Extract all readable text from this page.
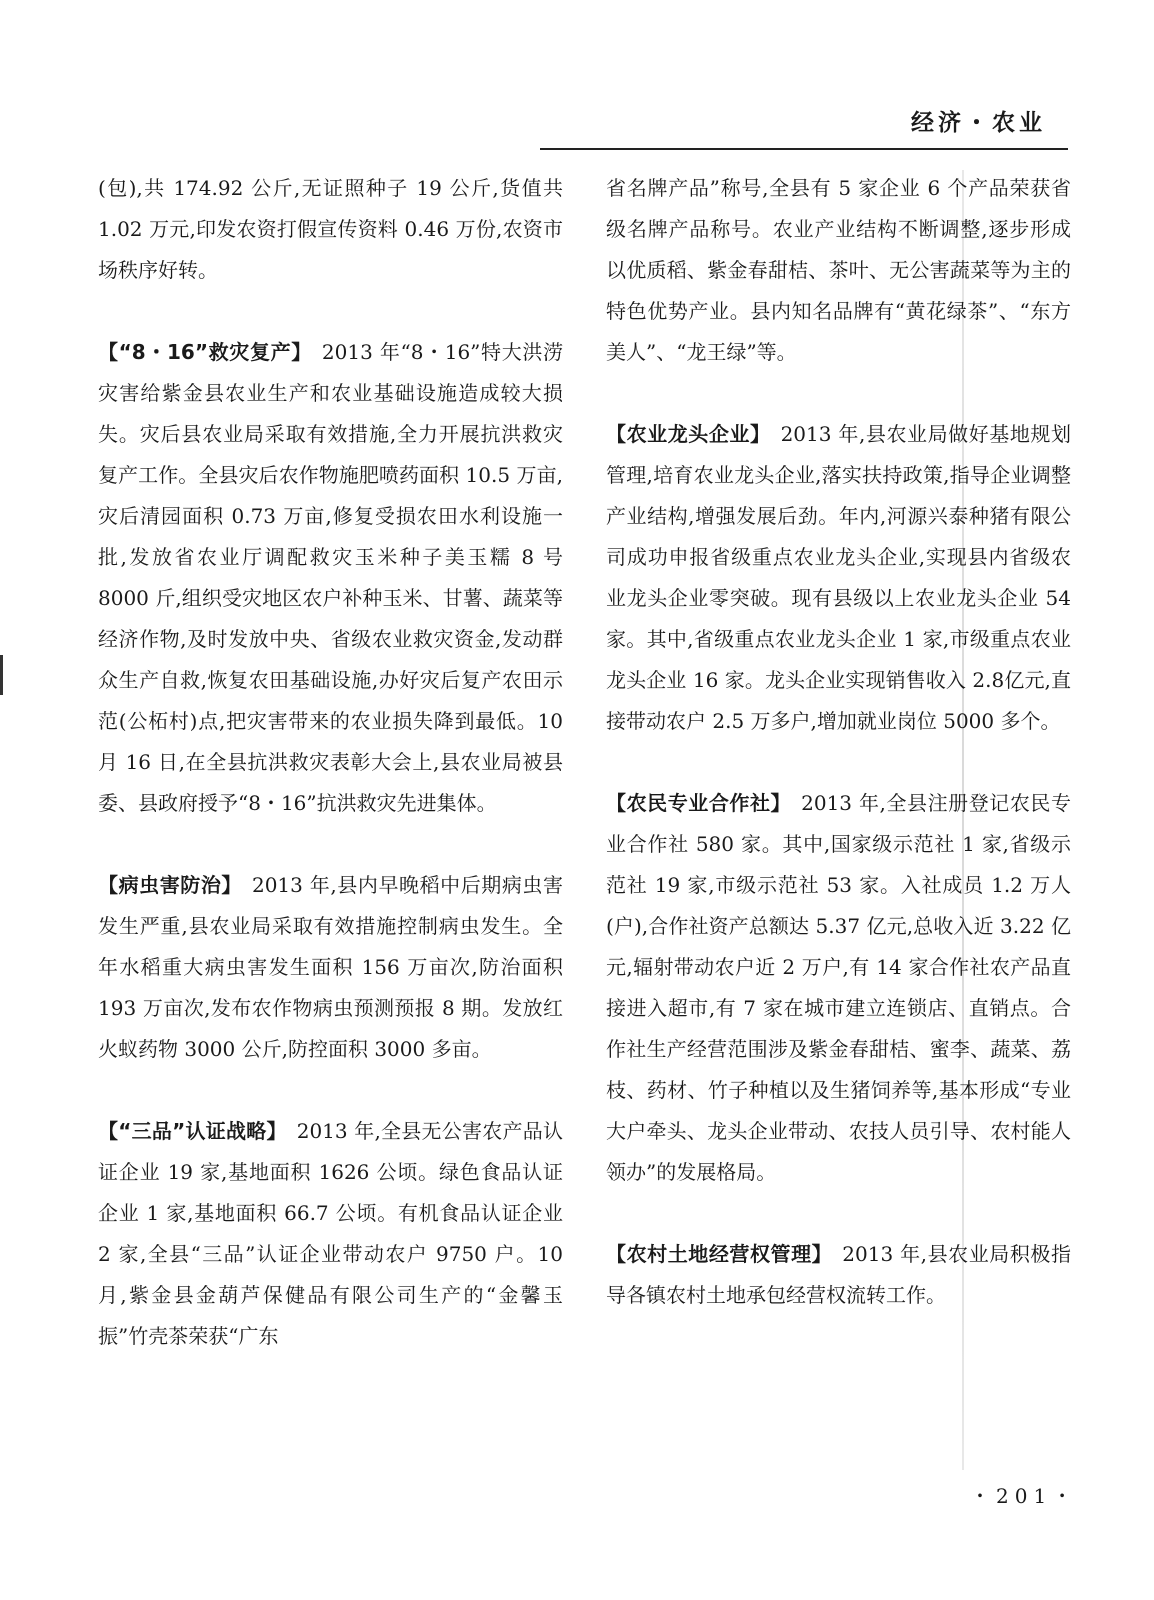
经济・农业

(包),共 174.92 公斤,无证照种子 19 公斤,货值共 1.02 万元,印发农资打假宣传资料 0.46 万份,农资市场秩序好转。

【“8・16”救灾复产】 2013 年“8・16”特大洪涝灾害给紫金县农业生产和农业基础设施造成较大损失。灾后县农业局采取有效措施,全力开展抗洪救灾复产工作。全县灾后农作物施肥喷药面积 10.5 万亩,灾后清园面积 0.73 万亩,修复受损农田水利设施一批,发放省农业厅调配救灾玉米种子美玉糯 8 号 8000 斤,组织受灾地区农户补种玉米、甘薯、蔬菜等经济作物,及时发放中央、省级农业救灾资金,发动群众生产自救,恢复农田基础设施,办好灾后复产农田示范(公柘村)点,把灾害带来的农业损失降到最低。10 月 16 日,在全县抗洪救灾表彰大会上,县农业局被县委、县政府授予“8・16”抗洪救灾先进集体。

【病虫害防治】 2013 年,县内早晚稻中后期病虫害发生严重,县农业局采取有效措施控制病虫发生。全年水稻重大病虫害发生面积 156 万亩次,防治面积 193 万亩次,发布农作物病虫预测预报 8 期。发放红火蚁药物 3000 公斤,防控面积 3000 多亩。

【“三品”认证战略】 2013 年,全县无公害农产品认证企业 19 家,基地面积 1626 公顷。绿色食品认证企业 1 家,基地面积 66.7 公顷。有机食品认证企业 2 家,全县“三品”认证企业带动农户 9750 户。10 月,紫金县金葫芦保健品有限公司生产的“金馨玉振”竹壳茶荣获“广东

省名牌产品”称号,全县有 5 家企业 6 个产品荣获省级名牌产品称号。农业产业结构不断调整,逐步形成以优质稻、紫金春甜桔、茶叶、无公害蔬菜等为主的特色优势产业。县内知名品牌有“黄花绿茶”、“东方美人”、“龙王绿”等。

【农业龙头企业】 2013 年,县农业局做好基地规划管理,培育农业龙头企业,落实扶持政策,指导企业调整产业结构,增强发展后劲。年内,河源兴泰种猪有限公司成功申报省级重点农业龙头企业,实现县内省级农业龙头企业零突破。现有县级以上农业龙头企业 54 家。其中,省级重点农业龙头企业 1 家,市级重点农业龙头企业 16 家。龙头企业实现销售收入 2.8亿元,直接带动农户 2.5 万多户,增加就业岗位 5000 多个。

【农民专业合作社】 2013 年,全县注册登记农民专业合作社 580 家。其中,国家级示范社 1 家,省级示范社 19 家,市级示范社 53 家。入社成员 1.2 万人(户),合作社资产总额达 5.37 亿元,总收入近 3.22 亿元,辐射带动农户近 2 万户,有 14 家合作社农产品直接进入超市,有 7 家在城市建立连锁店、直销点。合作社生产经营范围涉及紫金春甜桔、蜜李、蔬菜、荔枝、药材、竹子种植以及生猪饲养等,基本形成“专业大户牵头、龙头企业带动、农技人员引导、农村能人领办”的发展格局。

【农村土地经营权管理】 2013 年,县农业局积极指导各镇农村土地承包经营权流转工作。

・201・
